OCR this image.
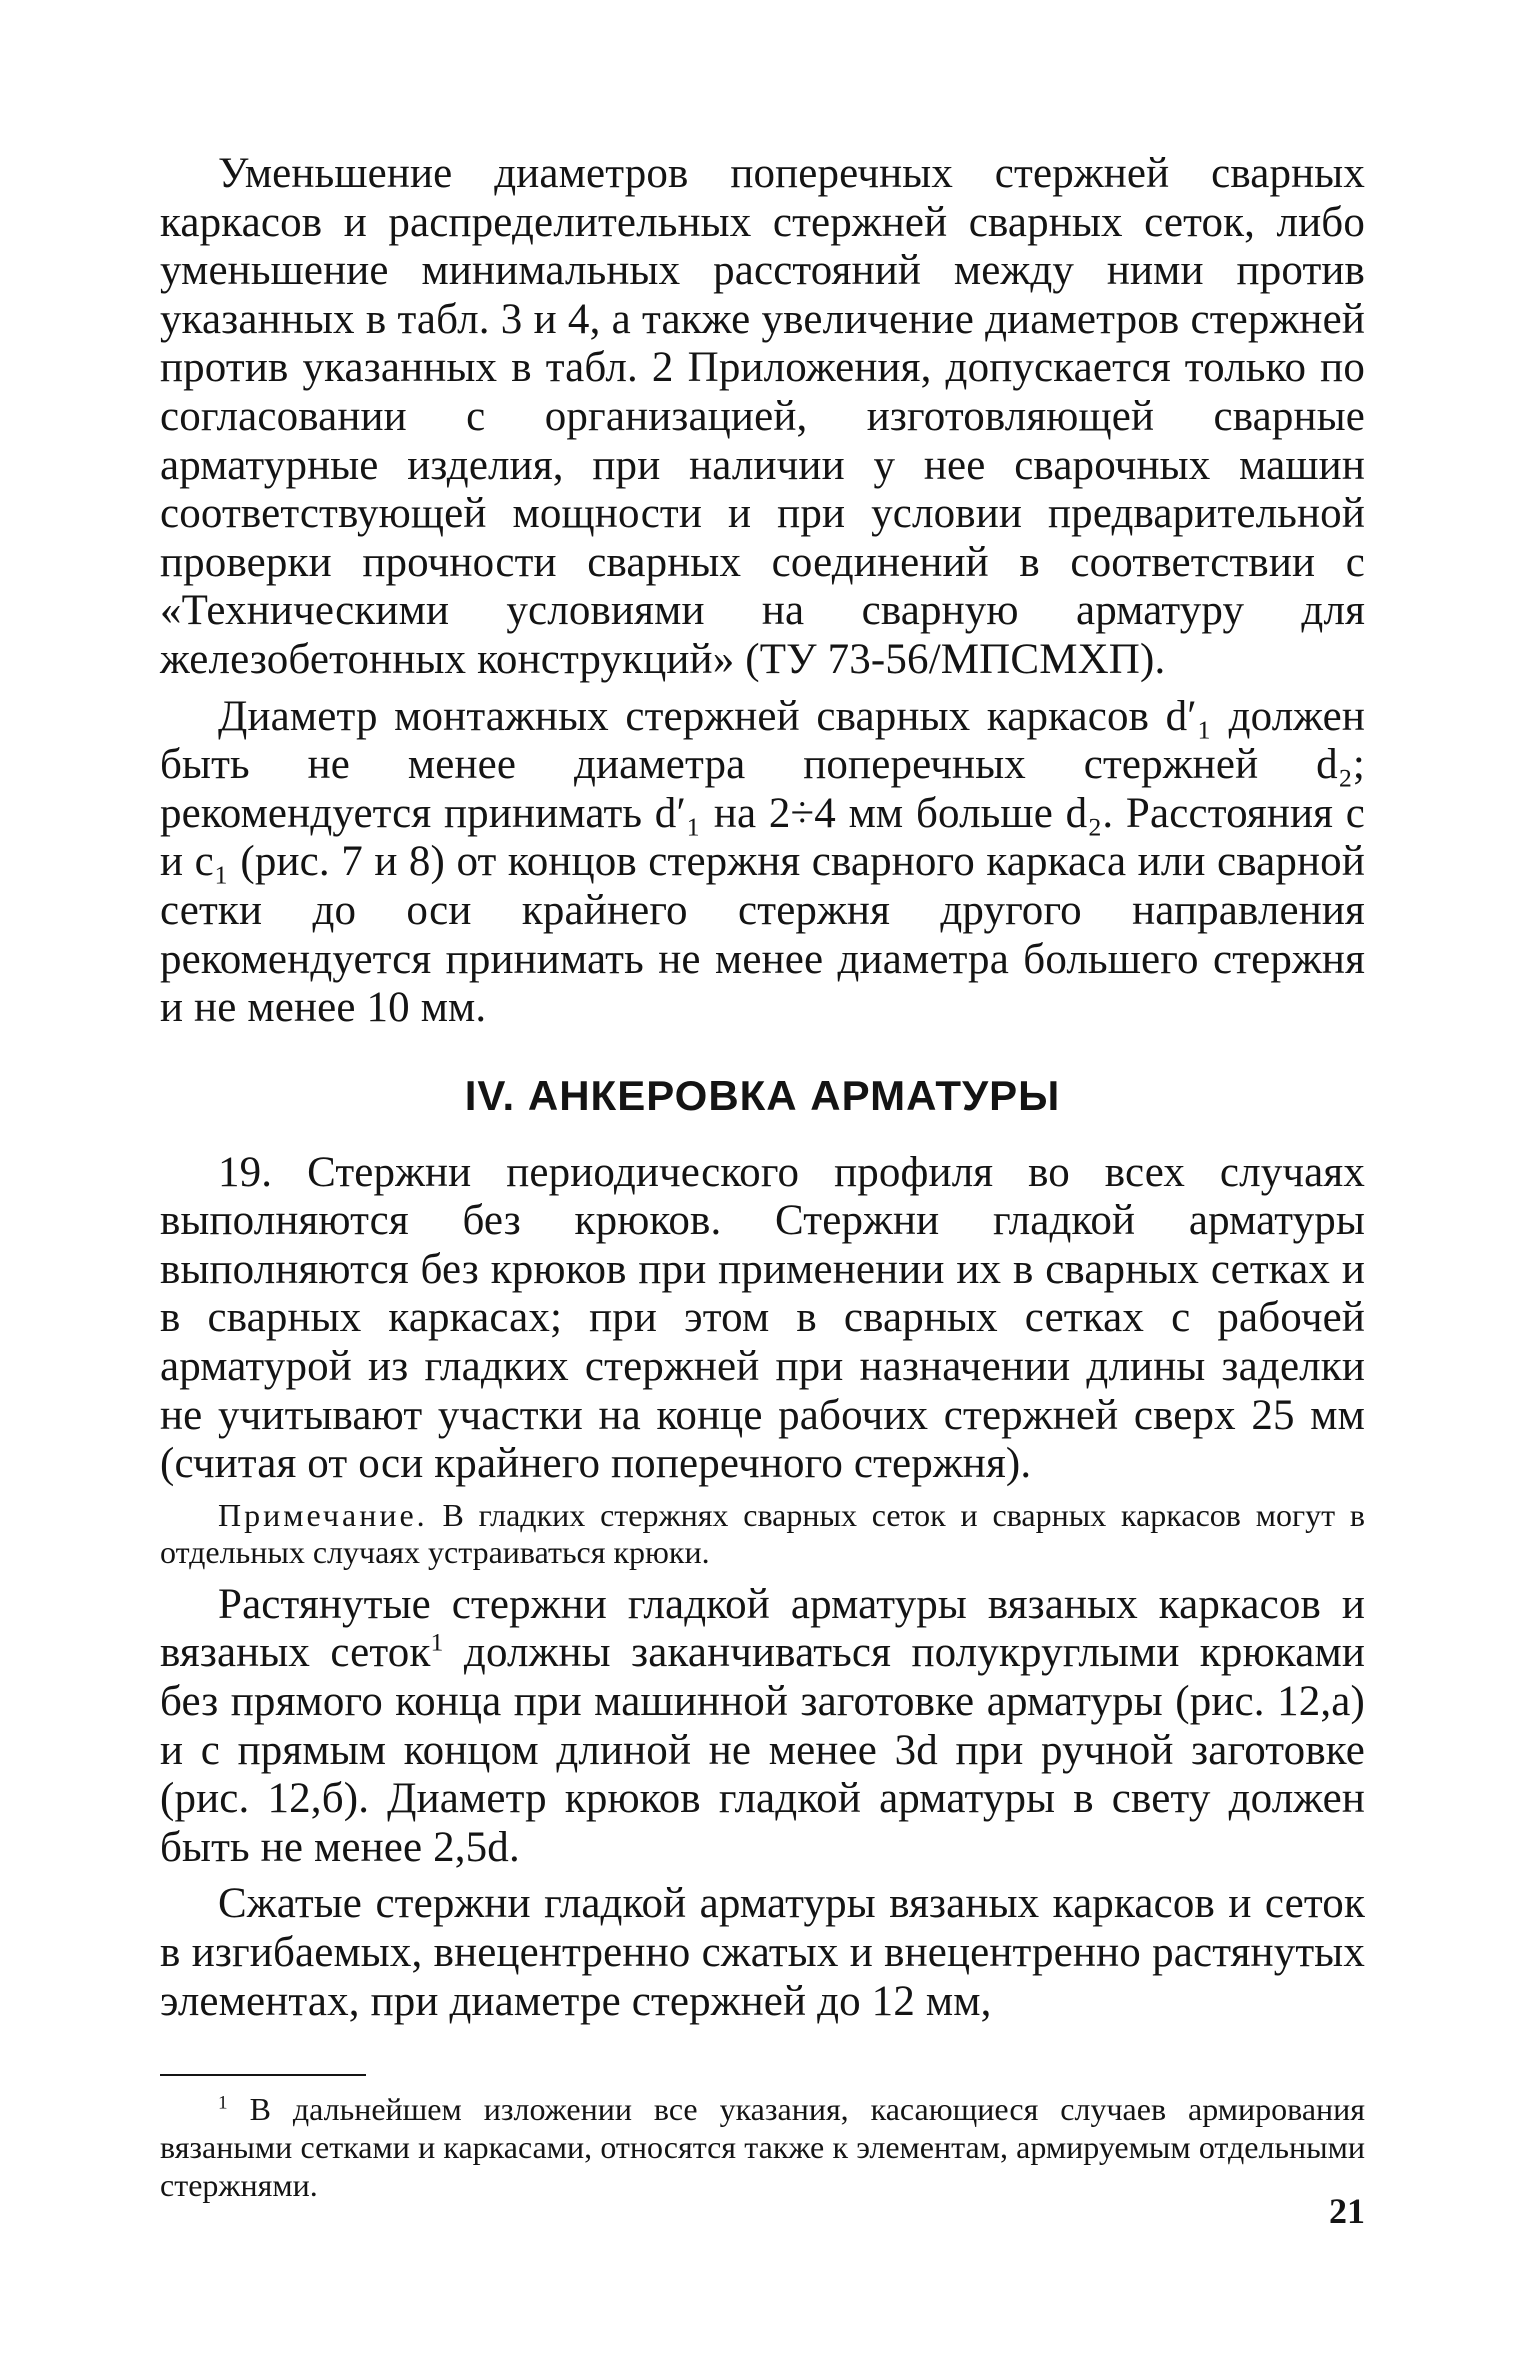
Уменьшение диаметров поперечных стержней сварных каркасов и распределительных стержней сварных сеток, либо уменьшение минимальных расстояний между ними против указанных в табл. 3 и 4, а также увеличение диаметров стержней против указанных в табл. 2 Приложения, допускается только по согласовании с организацией, изготовляющей сварные арматурные изделия, при наличии у нее сварочных машин соответствующей мощности и при условии предварительной проверки прочности сварных соединений в соответствии с «Техническими условиями на сварную арматуру для железобетонных конструкций» (ТУ 73-56/МПСМХП).

Диаметр монтажных стержней сварных каркасов d′₁ должен быть не менее диаметра поперечных стержней d₂; рекомендуется принимать d′₁ на 2÷4 мм больше d₂. Расстояния c и c₁ (рис. 7 и 8) от концов стержня сварного каркаса или сварной сетки до оси крайнего стержня другого направления рекомендуется принимать не менее диаметра большего стержня и не менее 10 мм.

IV. АНКЕРОВКА АРМАТУРЫ

19. Стержни периодического профиля во всех случаях выполняются без крюков. Стержни гладкой арматуры выполняются без крюков при применении их в сварных сетках и в сварных каркасах; при этом в сварных сетках с рабочей арматурой из гладких стержней при назначении длины заделки не учитывают участки на конце рабочих стержней сверх 25 мм (считая от оси крайнего поперечного стержня).

Примечание. В гладких стержнях сварных сеток и сварных каркасов могут в отдельных случаях устраиваться крюки.

Растянутые стержни гладкой арматуры вязаных каркасов и вязаных сеток$^1$ должны заканчиваться полукруглыми крюками без прямого конца при машинной заготовке арматуры (рис. 12,а) и с прямым концом длиной не менее 3d при ручной заготовке (рис. 12,б). Диаметр крюков гладкой арматуры в свету должен быть не менее 2,5d.

Сжатые стержни гладкой арматуры вязаных каркасов и сеток в изгибаемых, внецентренно сжатых и внецентренно растянутых элементах, при диаметре стержней до 12 мм,

$^1$ В дальнейшем изложении все указания, касающиеся случаев армирования вязаными сетками и каркасами, относятся также к элементам, армируемым отдельными стержнями.

21
